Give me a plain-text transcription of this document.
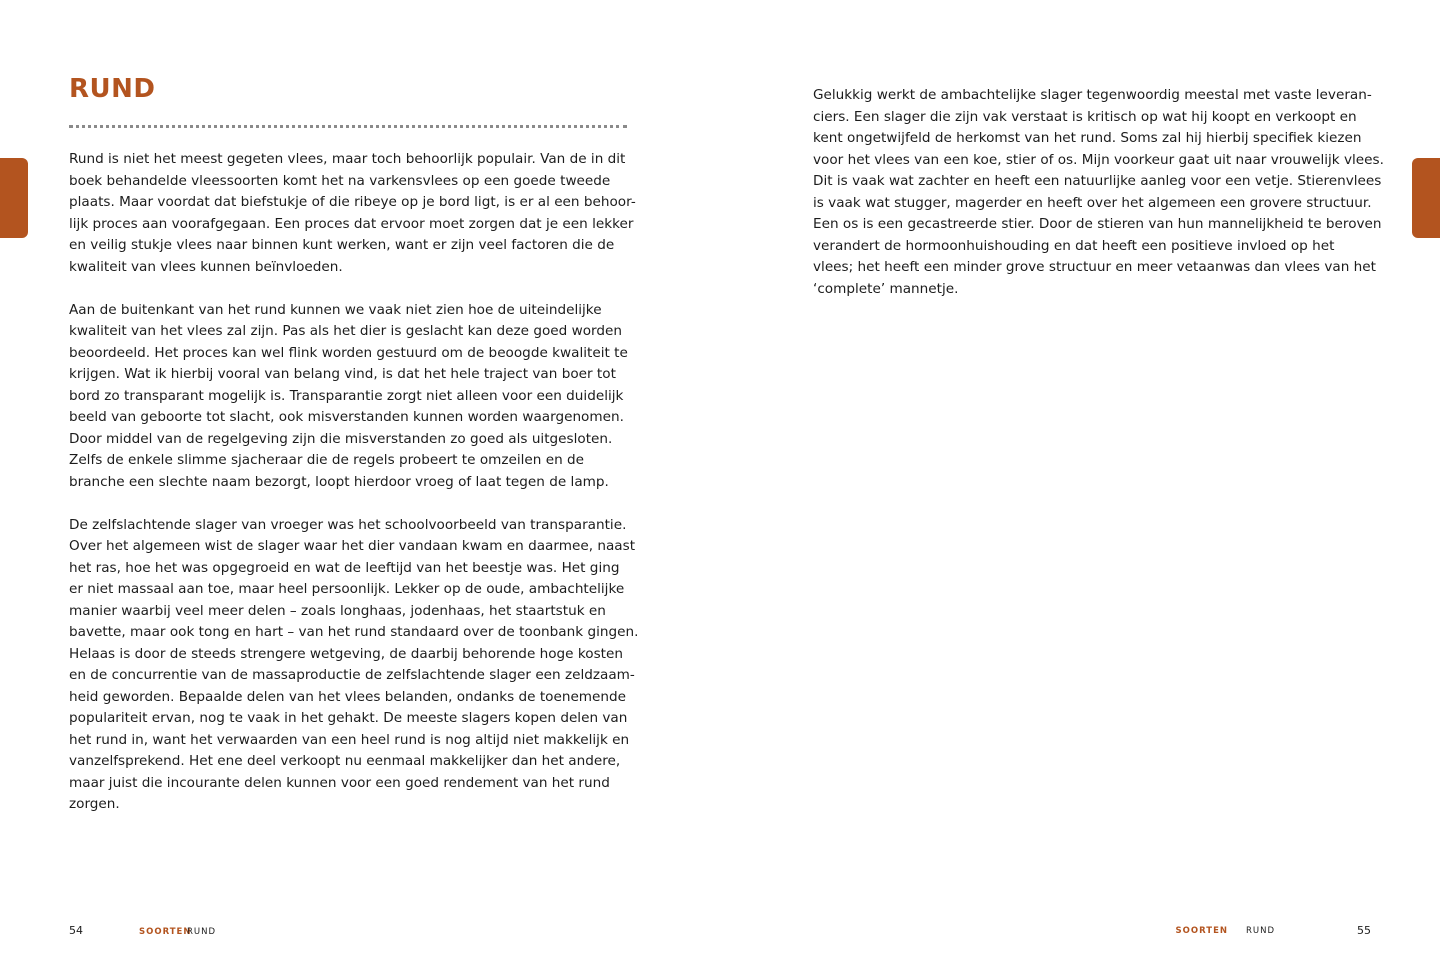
RUND

Rund is niet het meest gegeten vlees, maar toch behoorlijk populair. Van de in dit
boek behandelde vleessoorten komt het na varkensvlees op een goede tweede
plaats. Maar voordat dat biefstukje of die ribeye op je bord ligt, is er al een behoor-
lijk proces aan voorafgegaan. Een proces dat ervoor moet zorgen dat je een lekker
en veilig stukje vlees naar binnen kunt werken, want er zijn veel factoren die de
kwaliteit van vlees kunnen beïnvloeden.

Aan de buitenkant van het rund kunnen we vaak niet zien hoe de uiteindelijke
kwaliteit van het vlees zal zijn. Pas als het dier is geslacht kan deze goed worden
beoordeeld. Het proces kan wel flink worden gestuurd om de beoogde kwaliteit te
krijgen. Wat ik hierbij vooral van belang vind, is dat het hele traject van boer tot
bord zo transparant mogelijk is. Transparantie zorgt niet alleen voor een duidelijk
beeld van geboorte tot slacht, ook misverstanden kunnen worden waargenomen.
Door middel van de regelgeving zijn die misverstanden zo goed als uitgesloten.
Zelfs de enkele slimme sjacheraar die de regels probeert te omzeilen en de
branche een slechte naam bezorgt, loopt hierdoor vroeg of laat tegen de lamp.

De zelfslachtende slager van vroeger was het schoolvoorbeeld van transparantie.
Over het algemeen wist de slager waar het dier vandaan kwam en daarmee, naast
het ras, hoe het was opgegroeid en wat de leeftijd van het beestje was. Het ging
er niet massaal aan toe, maar heel persoonlijk. Lekker op de oude, ambachtelijke
manier waarbij veel meer delen – zoals longhaas, jodenhaas, het staartstuk en
bavette, maar ook tong en hart – van het rund standaard over de toonbank gingen.
Helaas is door de steeds strengere wetgeving, de daarbij behorende hoge kosten
en de concurrentie van de massaproductie de zelfslachtende slager een zeldzaam-
heid geworden. Bepaalde delen van het vlees belanden, ondanks de toenemende
populariteit ervan, nog te vaak in het gehakt. De meeste slagers kopen delen van
het rund in, want het verwaarden van een heel rund is nog altijd niet makkelijk en
vanzelfsprekend. Het ene deel verkoopt nu eenmaal makkelijker dan het andere,
maar juist die incourante delen kunnen voor een goed rendement van het rund
zorgen.

Gelukkig werkt de ambachtelijke slager tegenwoordig meestal met vaste leveran-
ciers. Een slager die zijn vak verstaat is kritisch op wat hij koopt en verkoopt en
kent ongetwijfeld de herkomst van het rund. Soms zal hij hierbij specifiek kiezen
voor het vlees van een koe, stier of os. Mijn voorkeur gaat uit naar vrouwelijk vlees.
Dit is vaak wat zachter en heeft een natuurlijke aanleg voor een vetje. Stierenvlees
is vaak wat stugger, magerder en heeft over het algemeen een grovere structuur.
Een os is een gecastreerde stier. Door de stieren van hun mannelijkheid te beroven
verandert de hormoonhuishouding en dat heeft een positieve invloed op het
vlees; het heeft een minder grove structuur en meer vetaanwas dan vlees van het
‘complete’ mannetje.

54	SOORTEN
RUND	SOORTEN RUND	55
